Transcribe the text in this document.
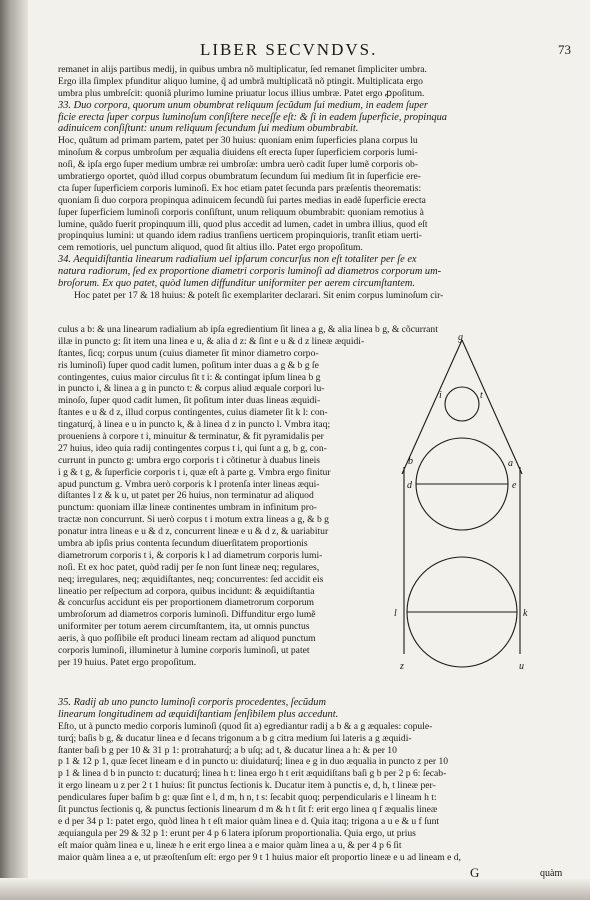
LIBER SECVNDVS.	73
remanet in alijs partibus medij, in quibus umbra nõ multiplicatur, ſed remanet ſimpliciter umbra.
Ergo illa ſimplex pfunditur aliquo lumine, q̃ ad umbrã multiplicatã nõ ptingit. Multiplicata ergo
umbra plus umbreſcit: quoniã plurimo lumine priuatur locus illius umbræ. Patet ergo ꝓpoſitum.
33. Duo corpora, quorum unum obumbrat reliquum ſecũdum ſui medium, in eadem ſuper
ficie erecta ſuper corpus luminoſum conſiſtere neceſſe eſt: & ſi in eadem ſuperficie, propinqua
adinuicem conſiſtunt: unum reliquum ſecundum ſui medium obumbrabit.
Hoc, quãtum ad primam partem, patet per 30 huius: quoniam enim ſuperficies plana corpus lu
minoſum & corpus umbroſum per æqualia diuidens eſt erecta ſuper ſuperficiem corporis lumi-
noſi, & ipſa ergo ſuper medium umbræ rei umbroſæ: umbra uerò cadit ſuper lumẽ corporis ob-
umbratiergo oportet, quòd illud corpus obumbratum ſecundum ſui medium ſit in ſuperficie ere-
cta ſuper ſuperficiem corporis luminoſi. Ex hoc etiam patet ſecunda pars præſentis theorematis:
quoniam ſi duo corpora propinqua adinuicem ſecundũ ſui partes medias in eadẽ ſuperficie erecta
ſuper ſuperficiem luminoſi corporis conſiſtunt, unum reliquum obumbrabit: quoniam remotius à
lumine, quãdo fuerit propinquum illi, quod plus accedit ad lumen, cadet in umbra illius, quod eſt
propinquius lumini: ut quando idem radius tranſiens uerticem propinquioris, tranſit etiam uerti-
cem remotioris, uel punctum aliquod, quod ſit altius illo. Patet ergo propoſitum.
34. Aequidiſtantia linearum radialium uel ipſarum concurſus non eſt totaliter per ſe ex
natura radiorum, ſed ex proportione diametri corporis luminoſi ad diametros corporum um-
broſorum. Ex quo patet, quòd lumen diffunditur uniformiter per aerem circumſtantem.
Hoc patet per 17 & 18 huius: & poteſt ſic exemplariter declarari. Sit enim corpus luminoſum cir-
culus a b: & una linearum radialium ab ipſa egredientium ſit linea a g, & alia linea b g, & cõcurrant
illæ in puncto g: ſit item una linea e u, & alia d z: & ſint e u & d z lineæ æquidi-
ſtantes, ſicq; corpus unum (cuius diameter ſit minor diametro corpo-
ris luminoſi) ſuper quod cadit lumen, poſitum inter duas a g & b g ſe
contingentes, cuius maior circulus ſit t i: & contingat ipſum linea b g
in puncto i, & linea a g in puncto t: & corpus aliud æquale corpori lu-
minoſo, ſuper quod cadit lumen, ſit poſitum inter duas lineas æquidi-
ſtantes e u & d z, illud corpus contingentes, cuius diameter ſit k l: con-
tingaturq́, à linea e u in puncto k, & à linea d z in puncto l. Vmbra itaq;
proueniens à corpore t i, minuitur & terminatur, & fit pyramidalis per
27 huius, ideo quia radij contingentes corpus t i, qui ſunt a g, b g, con-
currunt in puncto g: umbra ergo corporis t i cõtinetur à duabus lineis
i g & t g, & ſuperficie corporis t i, quæ eſt à parte g. Vmbra ergo finitur
apud punctum g. Vmbra uerò corporis k l protenſa inter lineas æqui-
diſtantes l z & k u, ut patet per 26 huius, non terminatur ad aliquod
punctum: quoniam illæ lineæ continentes umbram in infinitum pro-
tractæ non concurrunt. Si uerò corpus t i motum extra lineas a g, & b g
ponatur intra lineas e u & d z, concurrent lineæ e u & d z, & uariabitur
umbra ab ipſis prius contenta ſecundum diuerſitatem proportionis
diametrorum corporis t i, & corporis k l ad diametrum corporis lumi-
noſi. Et ex hoc patet, quòd radij per ſe non ſunt lineæ neq; regulares,
neq; irregulares, neq; æquidiſtantes, neq; concurrentes: ſed accidit eis
lineatio per reſpectum ad corpora, quibus incidunt: & æquidiſtantia
& concurſus accidunt eis per proportionem diametrorum corporum
umbroſorum ad diametros corporis luminoſi. Diffunditur ergo lumẽ
uniformiter per totum aerem circumſtantem, ita, ut omnis punctus
aeris, à quo poſſibile eſt produci lineam rectam ad aliquod punctum
corporis luminoſi, illuminetur à lumine corporis luminoſi, ut patet
per 19 huius. Patet ergo propoſitum.
g
i	t
b	a
d	e
l	k
z	u
35. Radij ab uno puncto luminoſi corporis procedentes, ſecũdum
linearum longitudinem ad æquidiſtantiam ſenſibilem plus accedunt.
Eſto, ut à puncto medio corporis luminoſi (quod ſit a) egrediantur radij a b & a g æquales: copule-
turq́; baſis b g, & ducatur linea e d ſecans trigonum a b g citra medium ſui lateris a g æquidi-
ſtanter baſi b g per 10 & 31 p 1: protrahaturq́; a b uſq; ad t, & ducatur linea a h: & per 10
p 1 & 12 p 1, quæ ſecet lineam e d in puncto u: diuidaturq́; linea e g in duo æqualia in puncto z per 10
p 1 & linea d b in puncto t: ducaturq́; linea h t: linea ergo h t erit æquidiſtans baſi g b per 2 p 6: ſecab-
it ergo lineam u z per 2 t 1 huius: ſit punctus ſectionis k. Ducatur item à punctis e, d, h, t lineæ per-
pendiculares ſuper baſim b g: quæ ſint e l, d m, h n, t s: ſecabit quoq; perpendicularis e l lineam h t:
ſit punctus ſectionis q, & punctus ſectionis linearum d m & h t ſit f: erit ergo linea q f æqualis lineæ
e d per 34 p 1: patet ergo, quòd linea h t eſt maior quàm linea e d. Quia itaq; trigona a u e & u f ſunt
æquiangula per 29 & 32 p 1: erunt per 4 p 6 latera ipſorum proportionalia. Quia ergo, ut prius
eſt maior quàm linea e u, lineæ h e erit ergo linea a e maior quàm linea a u, & per 4 p 6 ſit
maior quàm linea a e, ut præoſtenſum eſt: ergo per 9 t 1 huius maior eſt proportio lineæ e u ad lineam e d,
G	quàm
